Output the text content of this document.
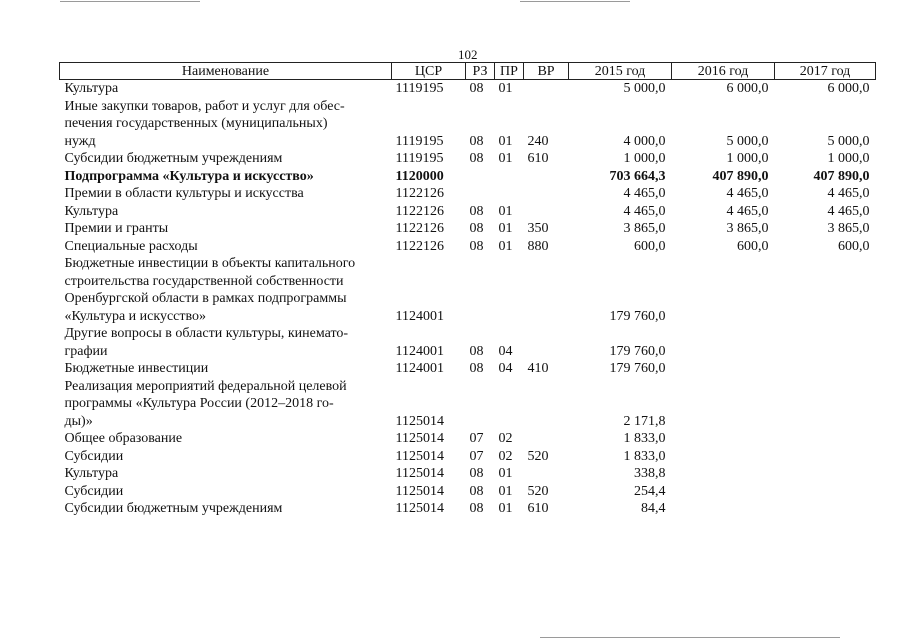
102
Наименование	ЦСР	РЗ	ПР	ВР	2015 год	2016 год	2017 год

Культура	1119195	08	01		5 000,0	6 000,0	6 000,0

Иные закупки товаров, работ и услуг для обес-
печения государственных (муниципальных)
нужд	1119195	08	01	240	4 000,0	5 000,0	5 000,0

Субсидии бюджетным учреждениям	1119195	08	01	610	1 000,0	1 000,0	1 000,0

Подпрограмма «Культура и искусство»	1120000				703 664,3	407 890,0	407 890,0

Премии в области культуры и искусства	1122126				4 465,0	4 465,0	4 465,0

Культура	1122126	08	01		4 465,0	4 465,0	4 465,0

Премии и гранты	1122126	08	01	350	3 865,0	3 865,0	3 865,0

Специальные расходы	1122126	08	01	880	600,0	600,0	600,0

Бюджетные инвестиции в объекты капитального
строительства государственной собственности
Оренбургской области в рамках подпрограммы
«Культура и искусство»	1124001				179 760,0		

Другие вопросы в области культуры, кинемато-
графии	1124001	08	04		179 760,0		

Бюджетные инвестиции	1124001	08	04	410	179 760,0		

Реализация мероприятий федеральной целевой
программы «Культура России (2012–2018 го-
ды)»	1125014				2 171,8		

Общее образование	1125014	07	02		1 833,0		

Субсидии	1125014	07	02	520	1 833,0		

Культура	1125014	08	01		338,8		

Субсидии	1125014	08	01	520	254,4		

Субсидии бюджетным учреждениям	1125014	08	01	610	84,4		
